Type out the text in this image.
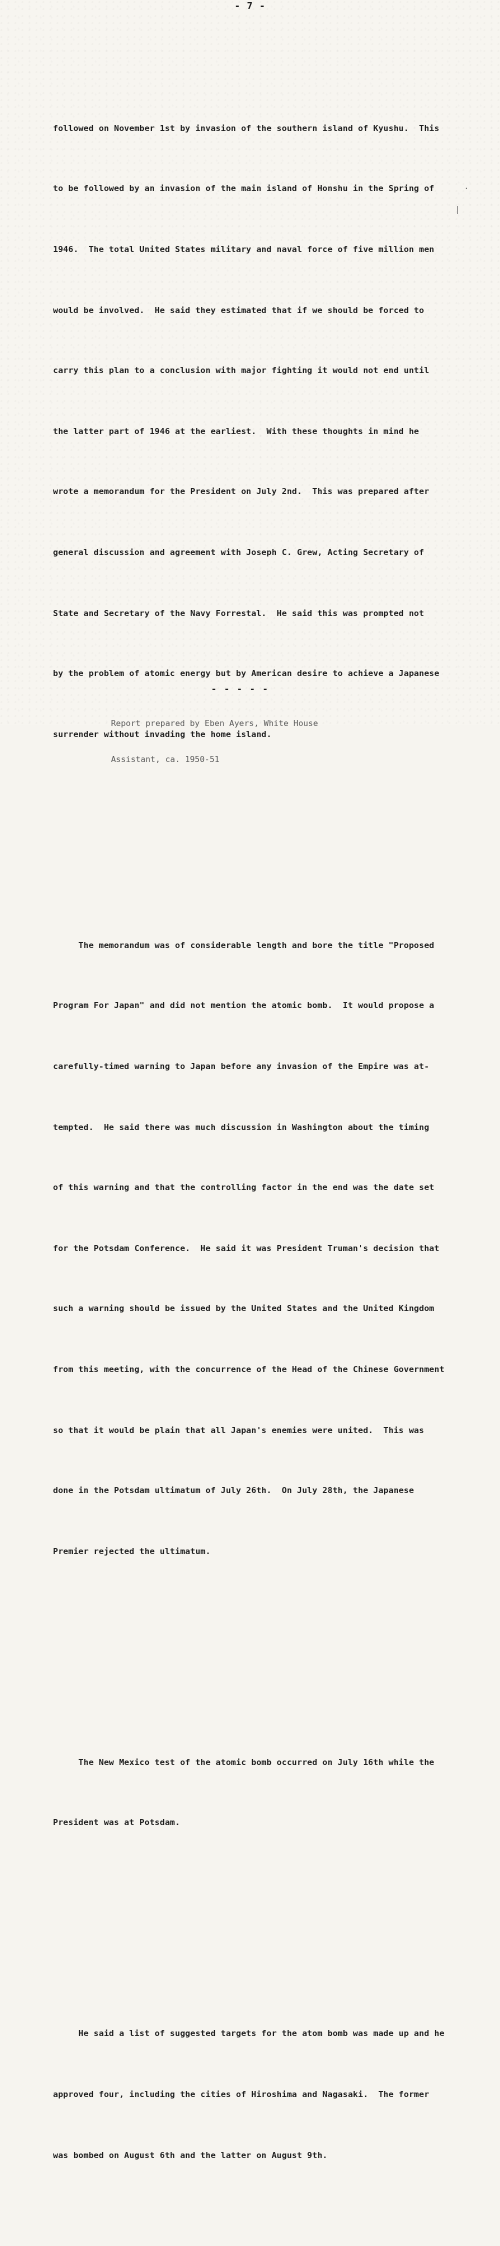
- 7 -

followed on November 1st by invasion of the southern island of Kyushu.  This

to be followed by an invasion of the main island of Honshu in the Spring of

1946.  The total United States military and naval force of five million men

would be involved.  He said they estimated that if we should be forced to

carry this plan to a conclusion with major fighting it would not end until

the latter part of 1946 at the earliest.  With these thoughts in mind he

wrote a memorandum for the President on July 2nd.  This was prepared after

general discussion and agreement with Joseph C. Grew, Acting Secretary of

State and Secretary of the Navy Forrestal.  He said this was prompted not

by the problem of atomic energy but by American desire to achieve a Japanese

surrender without invading the home island.

The memorandum was of considerable length and bore the title "Proposed

Program For Japan" and did not mention the atomic bomb.  It would propose a

carefully-timed warning to Japan before any invasion of the Empire was at-

tempted.  He said there was much discussion in Washington about the timing

of this warning and that the controlling factor in the end was the date set

for the Potsdam Conference.  He said it was President Truman's decision that

such a warning should be issued by the United States and the United Kingdom

from this meeting, with the concurrence of the Head of the Chinese Government

so that it would be plain that all Japan's enemies were united.  This was

done in the Potsdam ultimatum of July 26th.  On July 28th, the Japanese

Premier rejected the ultimatum.

The New Mexico test of the atomic bomb occurred on July 16th while the

President was at Potsdam.

He said a list of suggested targets for the atom bomb was made up and he

approved four, including the cities of Hiroshima and Nagasaki.  The former

was bombed on August 6th and the latter on August 9th.

- - - - -

Report prepared by Eben Ayers, White House

Assistant, ca. 1950-51

·
|
